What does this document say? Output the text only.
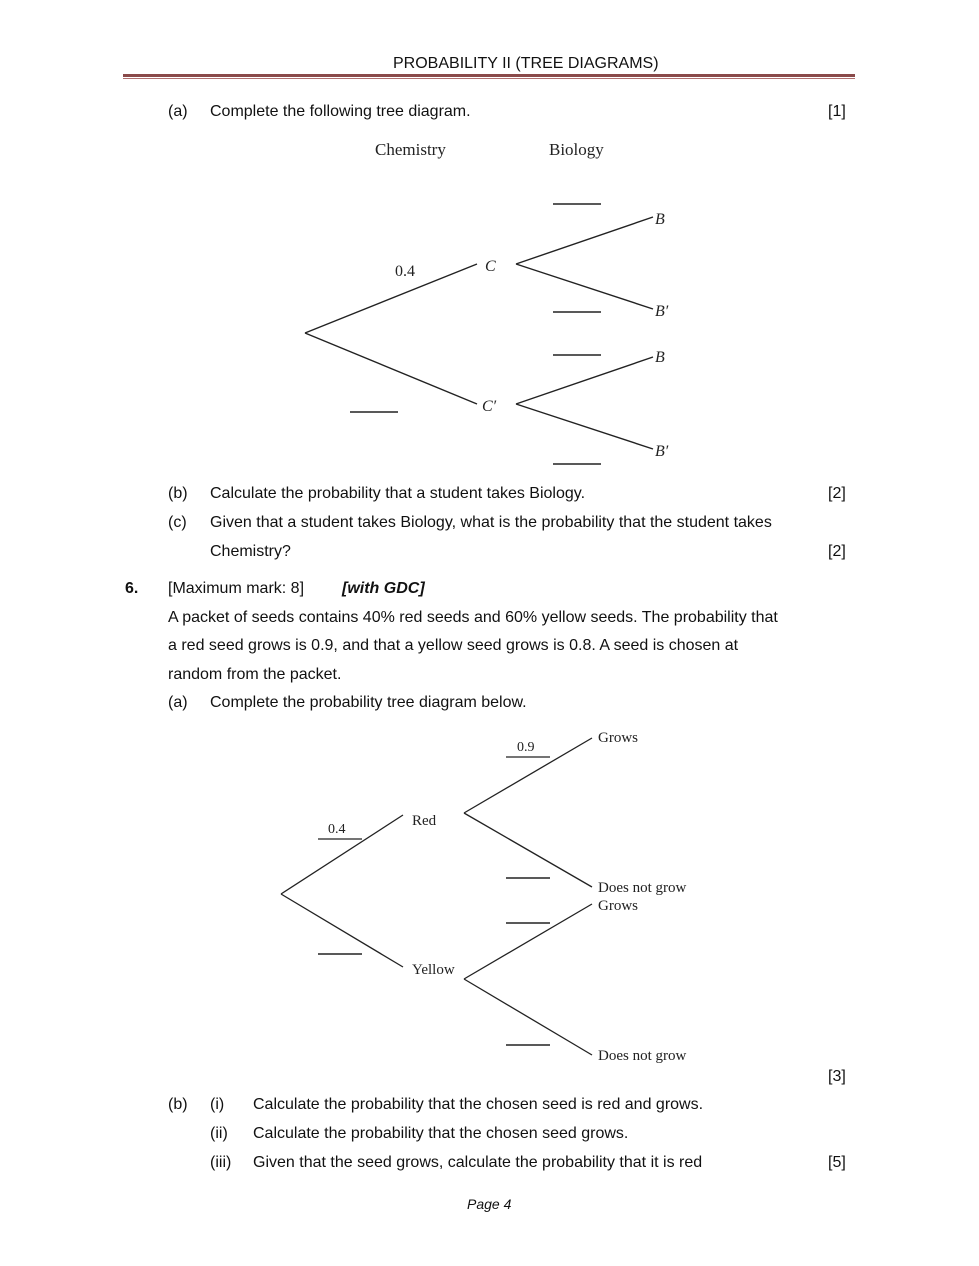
PROBABILITY II (TREE DIAGRAMS)
(a) Complete the following tree diagram.	[1]
Chemistry	Biology
0.4	C
C′
B
B′
B
B′
(b) Calculate the probability that a student takes Biology.	[2]
(c) Given that a student takes Biology, what is the probability that the student takes
Chemistry?	[2]
6. [Maximum mark: 8] [with GDC]
A packet of seeds contains 40% red seeds and 60% yellow seeds. The probability that
a red seed grows is 0.9, and that a yellow seed grows is 0.8. A seed is chosen at
random from the packet.
(a) Complete the probability tree diagram below.
0.9
0.4
Red
Yellow
Grows
Does not grow
Grows
Does not grow
[3]
(b) (i) Calculate the probability that the chosen seed is red and grows.
(ii) Calculate the probability that the chosen seed grows.
(iii) Given that the seed grows, calculate the probability that it is red	[5]
Page 4
